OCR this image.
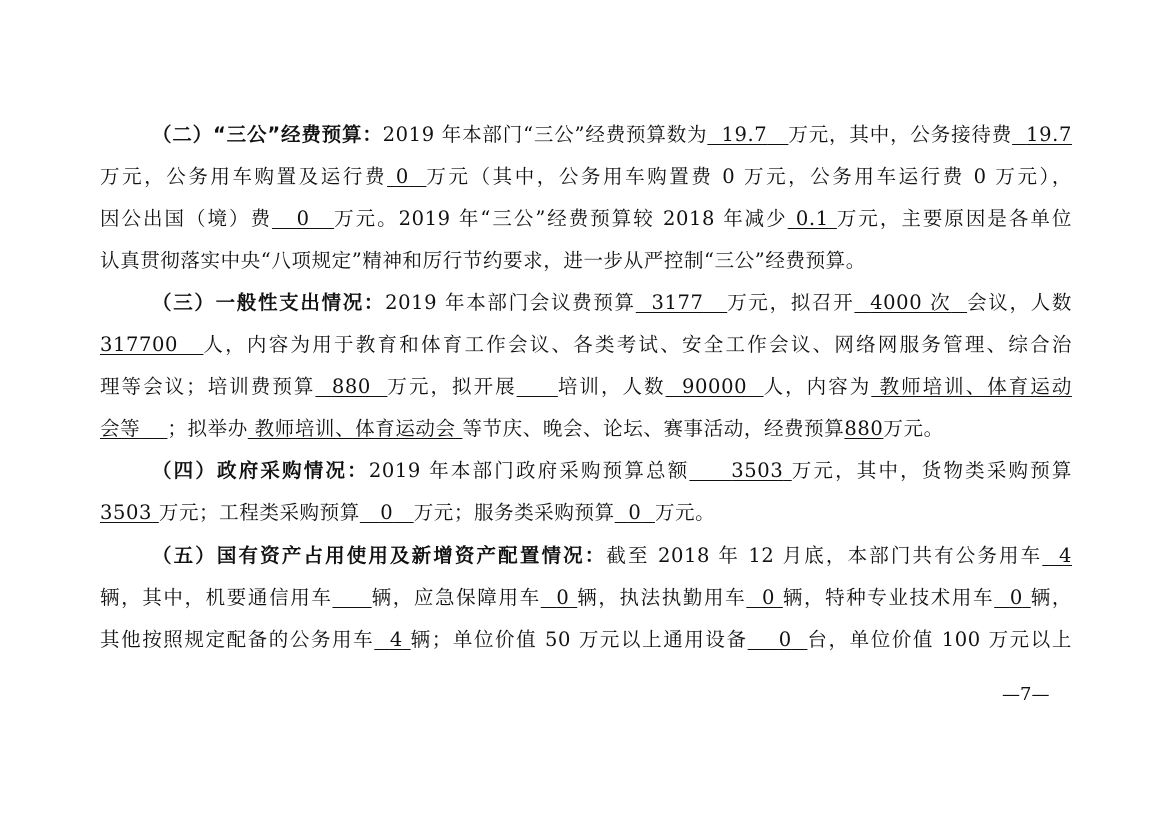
（二）“三公”经费预算：2019 年本部门“三公”经费预算数为 19.7 万元，其中，公务接待费 19.7
万元，公务用车购置及运行费 0 万元（其中，公务用车购置费 0 万元，公务用车运行费 0 万元），
因公出国（境）费 0 万元。2019 年“三公”经费预算较 2018 年减少 0.1 万元，主要原因是各单位
认真贯彻落实中央“八项规定”精神和厉行节约要求，进一步从严控制“三公”经费预算。
（三）一般性支出情况：2019 年本部门会议费预算 3177 万元，拟召开 4000 次 会议，人数
317700 人，内容为用于教育和体育工作会议、各类考试、安全工作会议、网络网服务管理、综合治
理等会议；培训费预算 880 万元，拟开展 培训，人数 90000 人，内容为 教师培训、体育运动
会等 ；拟举办 教师培训、体育运动会 等节庆、晚会、论坛、赛事活动，经费预算880万元。
（四）政府采购情况：2019 年本部门政府采购预算总额 3503 万元，其中，货物类采购预算
3503 万元；工程类采购预算 0 万元；服务类采购预算 0 万元。
（五）国有资产占用使用及新增资产配置情况：截至 2018 年 12 月底，本部门共有公务用车 4
辆，其中，机要通信用车 辆，应急保障用车 0 辆，执法执勤用车 0 辆，特种专业技术用车 0 辆，
其他按照规定配备的公务用车 4 辆；单位价值 50 万元以上通用设备 0 台，单位价值 100 万元以上
—7—
